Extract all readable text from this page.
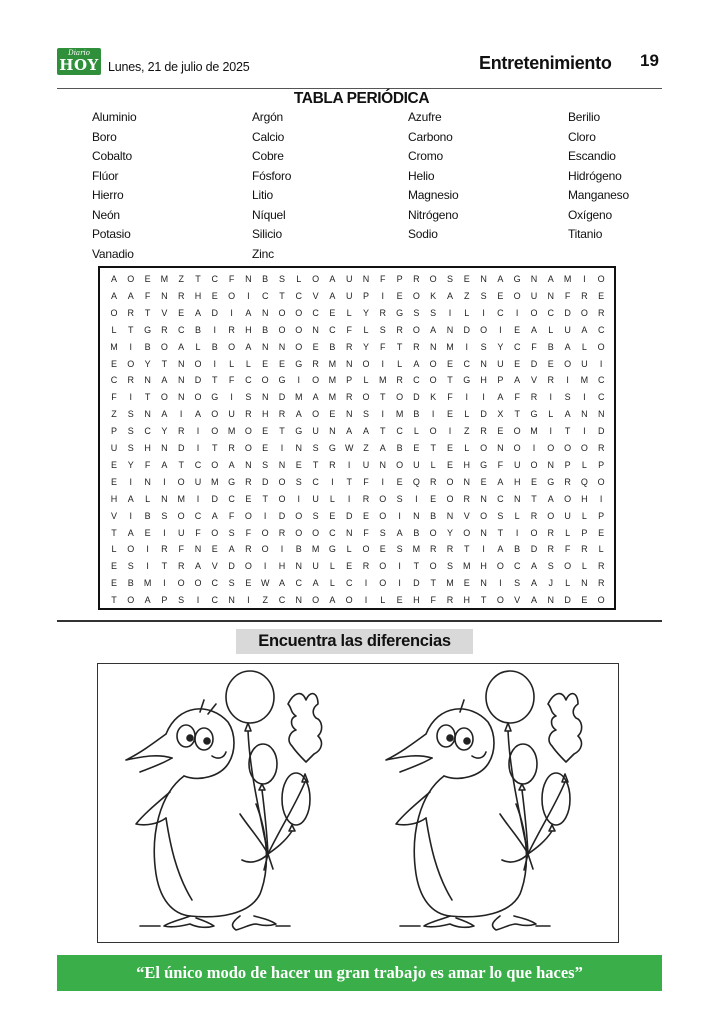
Diario
HOY Lunes, 21 de julio de 2025	Entretenimiento 19
TABLA PERIÓDICA
Aluminio
Boro
Cobalto
Flúor
Hierro
Neón
Potasio
Vanadio
Argón
Calcio
Cobre
Fósforo
Litio
Níquel
Silicio
Zinc
Azufre
Carbono
Cromo
Helio
Magnesio
Nitrógeno
Sodio
Berilio
Cloro
Escandio
Hidrógeno
Manganeso
Oxígeno
Titanio
A	O	E	M	Z	T	C	F	N	B	S	L	O	A	U	N	F	P	R	O	S	E	N	A	G	N	A	M	I	O
A	A	F	N	R	H	E	O	I	C	T	C	V	A	U	P	I	E	O	K	A	Z	S	E	O	U	N	F	R	E
O	R	T	V	E	A	D	I	A	N	O	O	C	E	L	Y	R	G	S	S	I	L	I	C	I	O	C	D	O	R
L	T	G	R	C	B	I	R	H	B	O	O	N	C	F	L	S	R	O	A	N	D	O	I	E	A	L	U	A	C
M	I	B	O	A	L	B	O	A	N	N	O	E	B	R	Y	F	T	R	N	M	I	S	Y	C	F	B	A	L	O
E	O	Y	T	N	O	I	L	L	E	E	G	R	M	N	O	I	L	A	O	E	C	N	U	E	D	E	O	U	I
C	R	N	A	N	D	T	F	C	O	G	I	O	M	P	L	M	R	C	O	T	G	H	P	A	V	R	I	M	C
F	I	T	O	N	O	G	I	S	N	D	M	A	M	R	O	T	O	D	K	F	I	I	A	F	R	I	S	I	C
Z	S	N	A	I	A	O	U	R	H	R	A	O	E	N	S	I	M	B	I	E	L	D	X	T	G	L	A	N	N
P	S	C	Y	R	I	O	M	O	E	T	G	U	N	A	A	T	C	L	O	I	Z	R	E	O	M	I	T	I	D
U	S	H	N	D	I	T	R	O	E	I	N	S	G	W	Z	A	B	E	T	E	L	O	N	O	I	O	O	O	R
E	Y	F	A	T	C	O	A	N	S	N	E	T	R	I	U	N	O	U	L	E	H	G	F	U	O	N	P	L	P
E	I	N	I	O	U	M	G	R	D	O	S	C	I	T	F	I	E	Q	R	O	N	E	A	H	E	G	R	Q	O
H	A	L	N	M	I	D	C	E	T	O	I	U	L	I	R	O	S	I	E	O	R	N	C	N	T	A	O	H	I
V	I	B	S	O	C	A	F	O	I	D	O	S	E	D	E	O	I	N	B	N	V	O	S	L	R	O	U	L	P
T	A	E	I	U	F	O	S	F	O	R	O	O	C	N	F	S	A	B	O	Y	O	N	T	I	O	R	L	P	E
L	O	I	R	F	N	E	A	R	O	I	B	M	G	L	O	E	S	M	R	R	T	I	A	B	D	R	F	R	L
E	S	I	T	R	A	V	D	O	I	H	N	U	L	E	R	O	I	T	O	S	M	H	O	C	A	S	O	L	R
E	B	M	I	O	O	C	S	E	W	A	C	A	L	C	I	O	I	D	T	M	E	N	I	S	A	J	L	N	R
T	O	A	P	S	I	C	N	I	Z	C	N	O	A	O	I	L	E	H	F	R	H	T	O	V	A	N	D	E	O
Encuentra las diferencias
“El único modo de hacer un gran trabajo es amar lo que haces”
